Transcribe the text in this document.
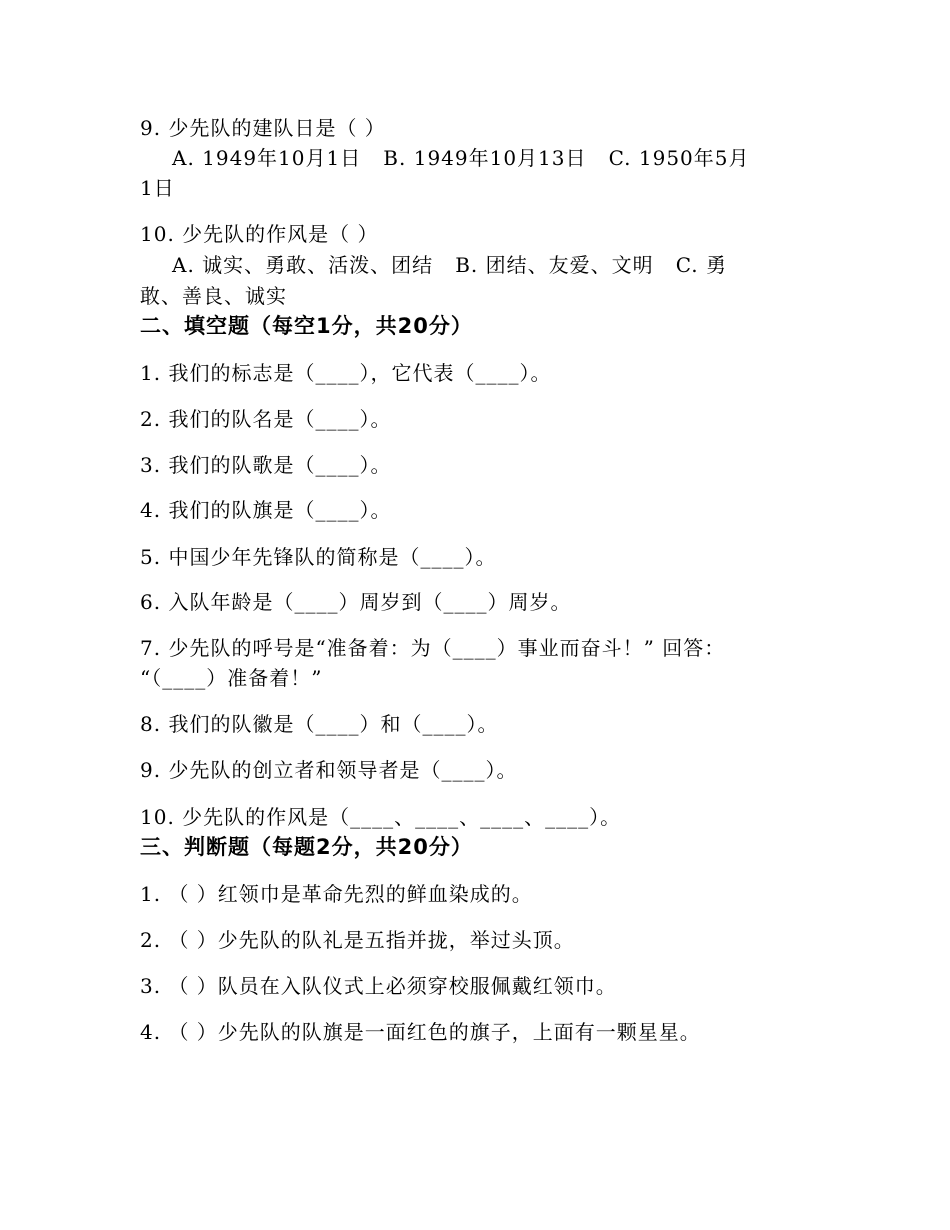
9. 少先队的建队日是（ ）
A. 1949年10月1日   B. 1949年10月13日   C. 1950年5月
1日
10. 少先队的作风是（ ）
A. 诚实、勇敢、活泼、团结   B. 团结、友爱、文明   C. 勇
敢、善良、诚实
二、填空题（每空1分，共20分）
1. 我们的标志是（____），它代表（____）。
2. 我们的队名是（____）。
3. 我们的队歌是（____）。
4. 我们的队旗是（____）。
5. 中国少年先锋队的简称是（____）。
6. 入队年龄是（____）周岁到（____）周岁。
7. 少先队的呼号是“准备着：为（____）事业而奋斗！” 回答：
“（____）准备着！”
8. 我们的队徽是（____）和（____）。
9. 少先队的创立者和领导者是（____）。
10. 少先队的作风是（____、____、____、____）。
三、判断题（每题2分，共20分）
1. （ ）红领巾是革命先烈的鲜血染成的。
2. （ ）少先队的队礼是五指并拢，举过头顶。
3. （ ）队员在入队仪式上必须穿校服佩戴红领巾。
4. （ ）少先队的队旗是一面红色的旗子，上面有一颗星星。
